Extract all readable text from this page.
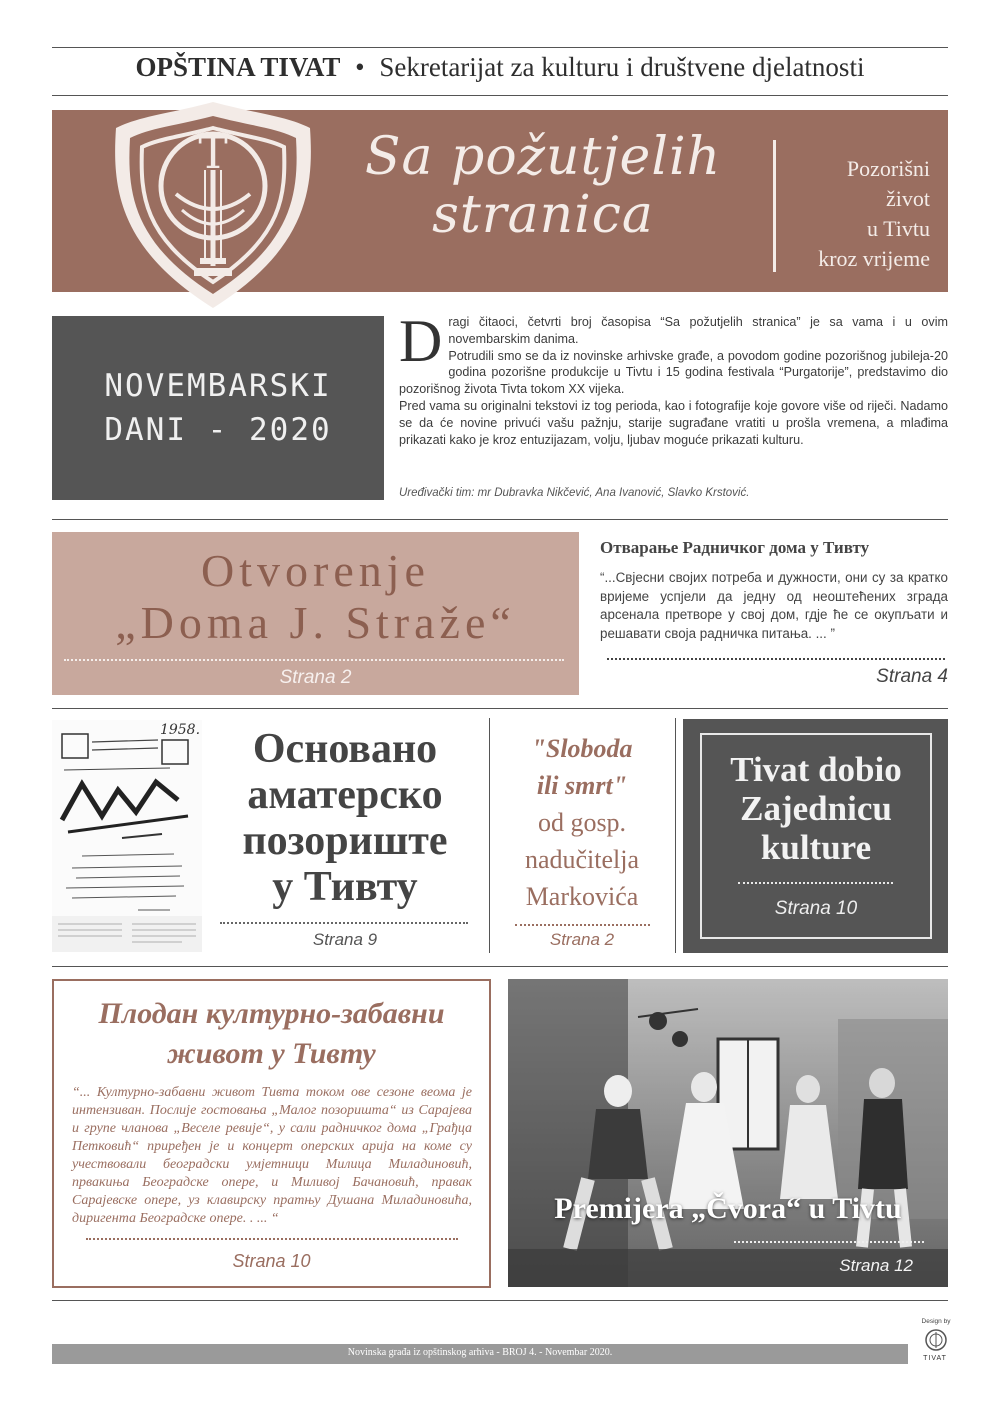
OPŠTINA TIVAT • Sekretarijat za kulturu i društvene djelatnosti
T	Sa požutjelih
stranica
Pozorišni
život
u Tivtu
kroz vrijeme
NOVEMBARSKI
DANI - 2020
D ragi čitaoci, četvrti broj časopisa “Sa požutjelih stranica” je sa vama i u ovim novembarskim danima.

Potrudili smo se da iz novinske arhivske građe, a povodom godine pozorišnog jubileja-20 godina pozorišne produkcije u Tivtu i 15 godina festivala “Purgatorije”, predstavimo dio pozorišnog života Tivta tokom XX vijeka.

Pred vama su originalni tekstovi iz tog perioda, kao i fotografije koje govore više od riječi. Nadamo se da će novine privući vašu pažnju, starije sugrađane vratiti u prošla vremena, a mlađima prikazati kako je kroz entuzijazam, volju, ljubav moguće prikazati kulturu.

Uređivački tim: mr Dubravka Nikčević, Ana Ivanović, Slavko Krstović.
Otvorenje
„Doma J. Straže“
Strana 2
Отварање Радничког дома у Тивту
“...Свјесни својих потреба и дужности, они су за кратко вријеме успјели да једну од неоштећених зграда арсенала претворе у свој дом, гдје ће се окупљати и решавати своја радничка питања. ... ”
Strana 4
1958.	Основано
аматерско
позориште
у Тивту
Strana 9
"Sloboda
ili smrt"
od gosp.
nadučitelja
Markovića
Strana 2
Tivat dobio
Zajednicu
kulture
Strana 10
Плодан културно-забавни
живот у Тивту
“... Културно-забавни живот Тивта током ове сезоне веома је интензиван. Послије гостовања „Малог позоришта“ из Сарајева и групе чланова „Веселе ревије“, у сали радничког дома „Грађца Петковић“ приређен је и концерт оперских арија на коме су учествовали београдски умјетници Милица Миладиновић, првакиња Београдске опере, и Миливој Бачановић, правак Сарајевске опере, уз клавирску пратњу Душана Миладиновића, диригента Београдске опере. . ... “
Strana 10
Premijera „Čvora“ u Tivtu
Strana 12
Novinska građa iz opštinskog arhiva - BROJ 4. - Novembar 2020.
Design by
TIVAT
